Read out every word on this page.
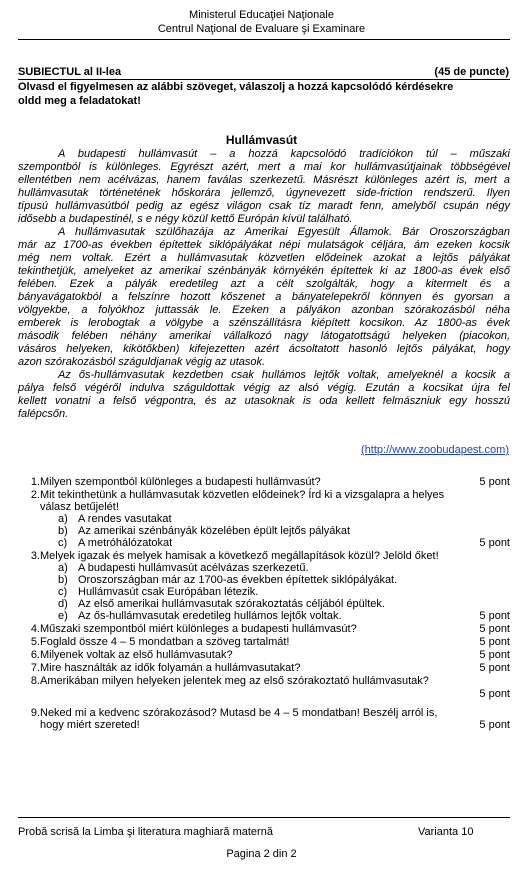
Ministerul Educaţiei Naţionale
Centrul Naţional de Evaluare şi Examinare
SUBIECTUL al II-lea	(45 de puncte)
Olvasd el figyelmesen az alábbi szöveget, válaszolj a hozzá kapcsolódó kérdésekre
oldd meg a feladatokat!
Hullámvasút
A budapesti hullámvasút – a hozzá kapcsolódó tradíciókon túl – műszaki
szempontból is különleges. Egyrészt azért, mert a mai kor hullámvasútjainak többségével
ellentétben nem acélvázas, hanem faválas szerkezetű. Másrészt különleges azért is, mert a
hullámvasutak történetének hőskorára jellemző, úgynevezett side-friction rendszerű. Ilyen
típusú hullámvasútból pedig az egész világon csak tíz maradt fenn, amelyből csupán négy
idősebb a budapestinél, s e négy közül kettő Európán kívül található.
A hullámvasutak szülőhazája az Amerikai Egyesült Államok. Bár Oroszországban
már az 1700-as években építettek siklópályákat népi mulatságok céljára, ám ezeken kocsik
még nem voltak. Ezért a hullámvasutak közvetlen elődeinek azokat a lejtős pályákat
tekinthetjük, amelyeket az amerikai szénbányák környékén építettek ki az 1800-as évek első
felében. Ezek a pályák eredetileg azt a célt szolgálták, hogy a kitermelt és a
bányavágatokból a felszínre hozott kőszenet a bányatelepekről könnyen és gyorsan a
völgyekbe, a folyókhoz juttassák le. Ezeken a pályákon azonban szórakozásból néha
emberek is lerobogtak a völgybe a szénszállításra kiépített kocsikon. Az 1800-as évek
második felében néhány amerikai vállalkozó nagy látogatottságú helyeken (piacokon,
vásáros helyeken, kikötőkben) kifejezetten azért ácsoltatott hasonló lejtős pályákat, hogy
azon szórakozásból száguldjanak végig az utasok.
Az ős-hullámvasutak kezdetben csak hullámos lejtők voltak, amelyeknél a kocsik a
pálya felső végéről indulva száguldottak végig az alsó végig. Ezután a kocsikat újra fel
kellett vonatni a felső végpontra, és az utasoknak is oda kellett felmászniuk egy hosszú
falépcsőn.
(http://www.zoobudapest.com)
1. Milyen szempontból különleges a budapesti hullámvasút?	5 pont
2. Mit tekinthetünk a hullámvasutak közvetlen elődeinek? Írd ki a vizsgalapra a helyes
válasz betűjelét!
a) A rendes vasutakat
b) Az amerikai szénbányák közelében épült lejtős pályákat
c) A metróhálózatokat	5 pont
3. Melyek igazak és melyek hamisak a következő megállapítások közül? Jelöld őket!
a) A budapesti hullámvasút acélvázas szerkezetű.
b) Oroszországban már az 1700-as években építettek siklópályákat.
c) Hullámvasút csak Európában létezik.
d) Az első amerikai hullámvasutak szórakoztatás céljából épültek.
e) Az ős-hullámvasutak eredetileg hullámos lejtők voltak.	5 pont
4. Műszaki szempontból miért különleges a budapesti hullámvasút?	5 pont
5. Foglald össze 4 – 5 mondatban a szöveg tartalmát!	5 pont
6. Milyenek voltak az első hullámvasutak?	5 pont
7. Mire használták az idők folyamán a hullámvasutakat?	5 pont
8. Amerikában milyen helyeken jelentek meg az első szórakoztató hullámvasutak?
5 pont
9. Neked mi a kedvenc szórakozásod? Mutasd be 4 – 5 mondatban! Beszélj arról is,
hogy miért szereted!	5 pont
Probă scrisă la Limba şi literatura maghiară maternă	Varianta 10
Pagina 2 din 2
